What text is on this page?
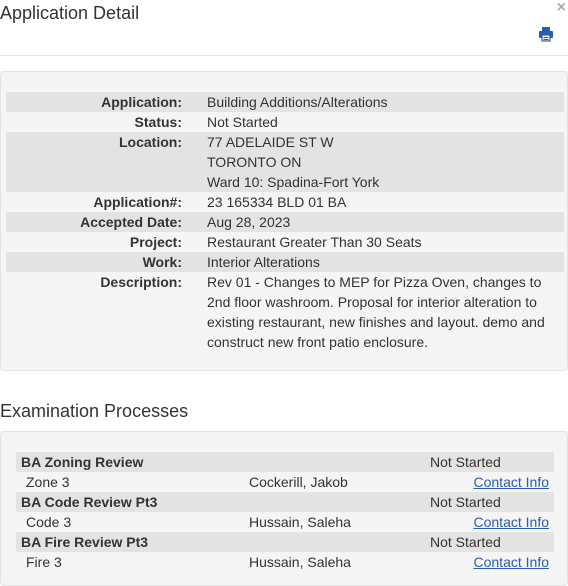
Application Detail	×
Application:	Building Additions/Alterations
Status:	Not Started
Location:	77 ADELAIDE ST W
TORONTO ON
Ward 10: Spadina-Fort York

Application#:	23 165334 BLD 01 BA
Accepted Date:	Aug 28, 2023
Project:	Restaurant Greater Than 30 Seats
Work:	Interior Alterations
Description:	Rev 01 - Changes to MEP for Pizza Oven, changes to
2nd floor washroom. Proposal for interior alteration to
existing restaurant, new finishes and layout. demo and
construct new front patio enclosure.
Examination Processes
BA Zoning Review		Not Started
Zone 3	Cockerill, Jakob	Contact Info
BA Code Review Pt3		Not Started
Code 3	Hussain, Saleha	Contact Info
BA Fire Review Pt3		Not Started
Fire 3	Hussain, Saleha	Contact Info
